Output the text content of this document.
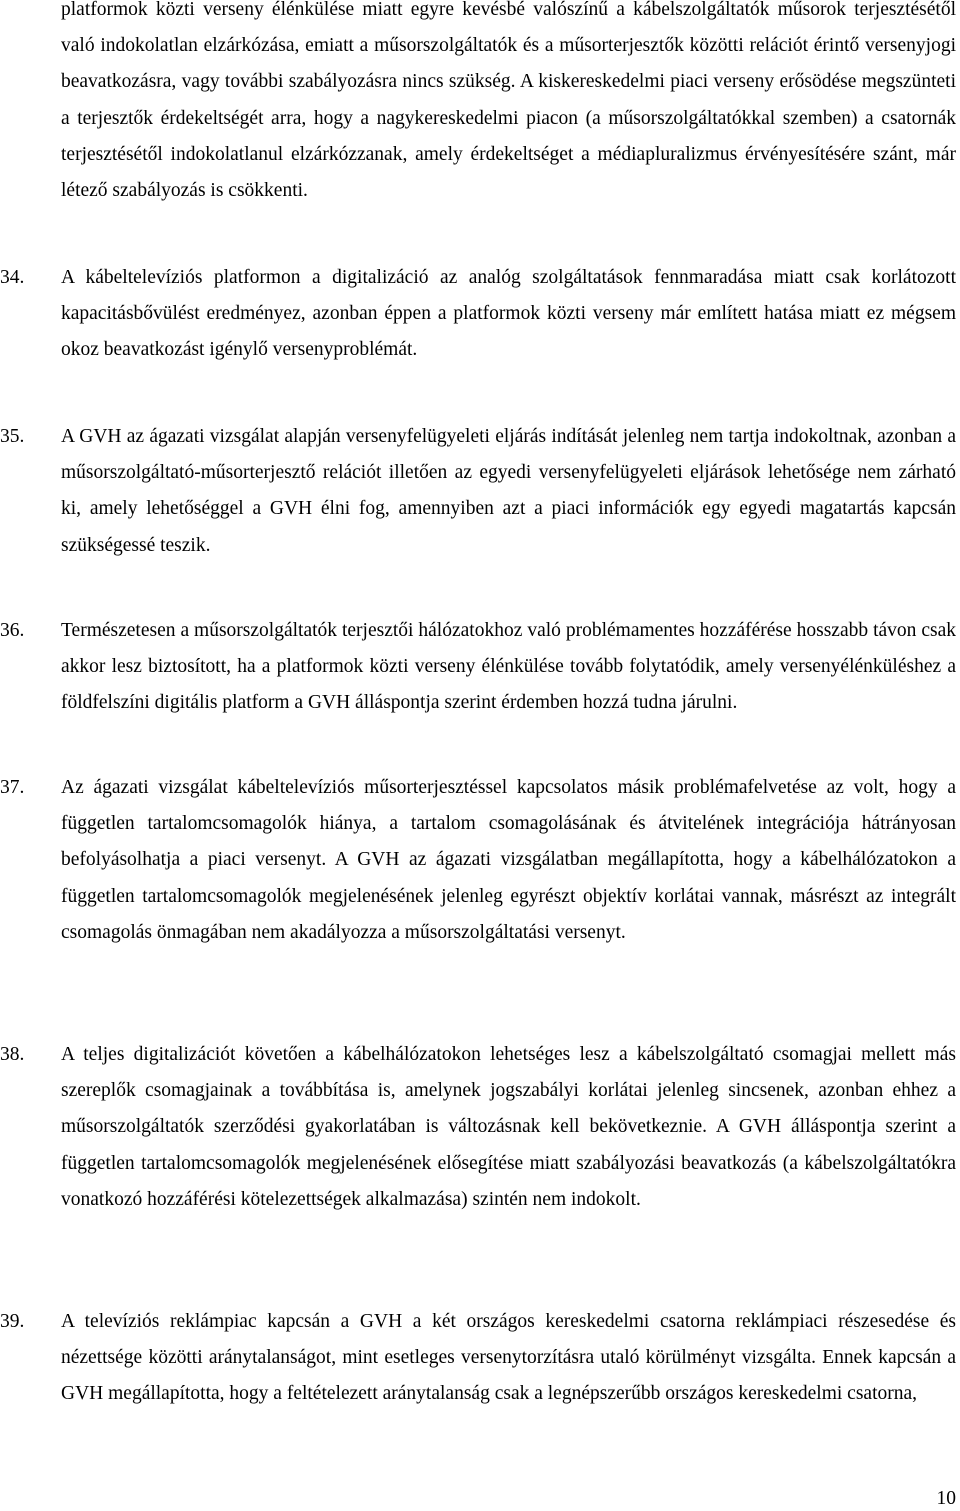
platformok közti verseny élénkülése miatt egyre kevésbé valószínű a kábelszolgáltatók műsorok terjesztésétől való indokolatlan elzárkózása, emiatt a műsorszolgáltatók és a műsorterjesztők közötti relációt érintő versenyjogi beavatkozásra, vagy további szabályozásra nincs szükség. A kiskereskedelmi piaci verseny erősödése megszünteti a terjesztők érdekeltségét arra, hogy a nagykereskedelmi piacon (a műsorszolgáltatókkal szemben) a csatornák terjesztésétől indokolatlanul elzárkózzanak, amely érdekeltséget a médiapluralizmus érvényesítésére szánt, már létező szabályozás is csökkenti.

34. A kábeltelevíziós platformon a digitalizáció az analóg szolgáltatások fennmaradása miatt csak korlátozott kapacitásbővülést eredményez, azonban éppen a platformok közti verseny már említett hatása miatt ez mégsem okoz beavatkozást igénylő versenyproblémát.

35. A GVH az ágazati vizsgálat alapján versenyfelügyeleti eljárás indítását jelenleg nem tartja indokoltnak, azonban a műsorszolgáltató-műsorterjesztő relációt illetően az egyedi versenyfelügyeleti eljárások lehetősége nem zárható ki, amely lehetőséggel a GVH élni fog, amennyiben azt a piaci információk egy egyedi magatartás kapcsán szükségessé teszik.

36. Természetesen a műsorszolgáltatók terjesztői hálózatokhoz való problémamentes hozzáférése hosszabb távon csak akkor lesz biztosított, ha a platformok közti verseny élénkülése tovább folytatódik, amely versenyélénküléshez a földfelszíni digitális platform a GVH álláspontja szerint érdemben hozzá tudna járulni.

37. Az ágazati vizsgálat kábeltelevíziós műsorterjesztéssel kapcsolatos másik problémafelvetése az volt, hogy a független tartalomcsomagolók hiánya, a tartalom csomagolásának és átvitelének integrációja hátrányosan befolyásolhatja a piaci versenyt. A GVH az ágazati vizsgálatban megállapította, hogy a kábelhálózatokon a független tartalomcsomagolók megjelenésének jelenleg egyrészt objektív korlátai vannak, másrészt az integrált csomagolás önmagában nem akadályozza a műsorszolgáltatási versenyt.

38. A teljes digitalizációt követően a kábelhálózatokon lehetséges lesz a kábelszolgáltató csomagjai mellett más szereplők csomagjainak a továbbítása is, amelynek jogszabályi korlátai jelenleg sincsenek, azonban ehhez a műsorszolgáltatók szerződési gyakorlatában is változásnak kell bekövetkeznie. A GVH álláspontja szerint a független tartalomcsomagolók megjelenésének elősegítése miatt szabályozási beavatkozás (a kábelszolgáltatókra vonatkozó hozzáférési kötelezettségek alkalmazása) szintén nem indokolt.

39. A televíziós reklámpiac kapcsán a GVH a két országos kereskedelmi csatorna reklámpiaci részesedése és nézettsége közötti aránytalanságot, mint esetleges versenytorzításra utaló körülményt vizsgálta. Ennek kapcsán a GVH megállapította, hogy a feltételezett aránytalanság csak a legnépszerűbb országos kereskedelmi csatorna,

10
